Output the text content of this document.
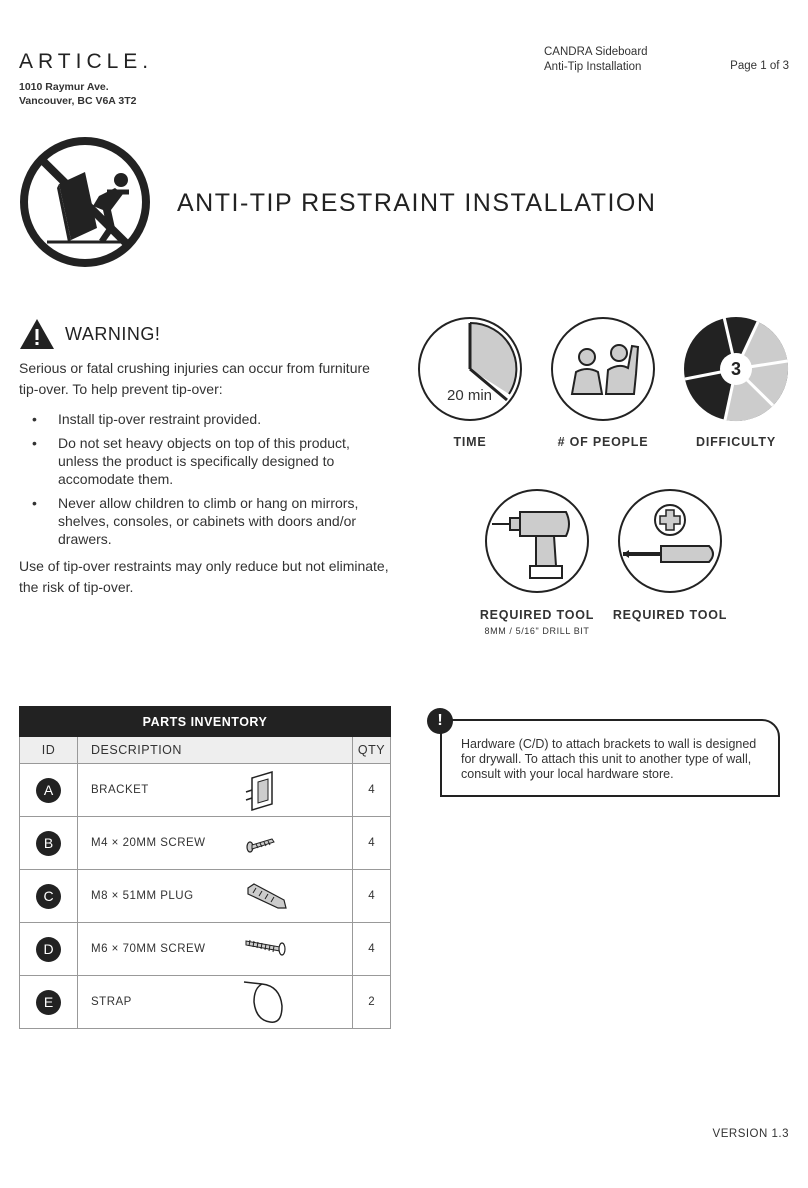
ARTICLE.
1010 Raymur Ave.
Vancouver, BC V6A 3T2
CANDRA Sideboard
Anti-Tip Installation	Page 1 of 3
ANTI-TIP RESTRAINT INSTALLATION
WARNING!

Serious or fatal crushing injuries can occur from furniture tip-over. To help prevent tip-over:

• Install tip-over restraint provided.
• Do not set heavy objects on top of this product, unless the product is specifically designed to accomodate them.
• Never allow children to climb or hang on mirrors, shelves, consoles, or cabinets with doors and/or drawers.

Use of tip-over restraints may only reduce but not eliminate, the risk of tip-over.

20 min
TIME	# OF PEOPLE
3
DIFFICULTY
REQUIRED TOOL
8MM / 5/16" DRILL BIT
REQUIRED TOOL
PARTS INVENTORY		
ID	DESCRIPTION	QTY
A	BRACKET	4
B	M4 × 20MM SCREW	4
C	M8 × 51MM PLUG	4
D	M6 × 70MM SCREW	4
E	STRAP	2
!
Hardware (C/D) to attach brackets to wall is designed for drywall. To attach this unit to another type of wall, consult with your local hardware store.
VERSION 1.3
